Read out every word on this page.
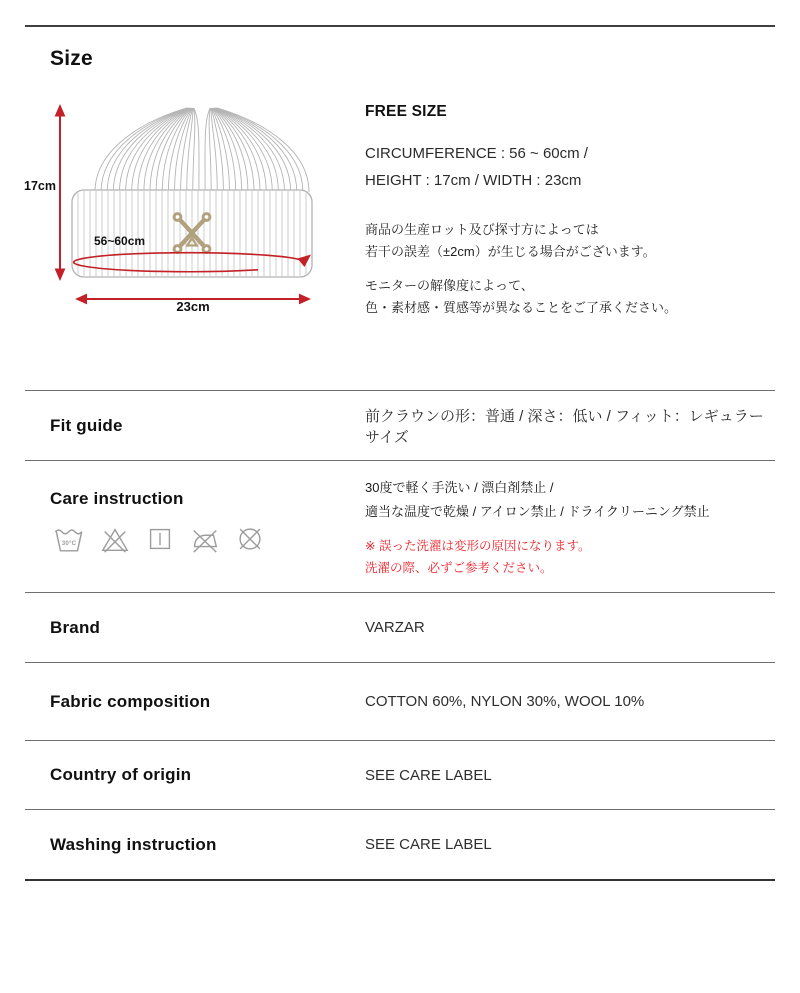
Size
17cm
56~60cm
23cm
FREE SIZE

CIRCUMFERENCE : 56 ~ 60cm /
HEIGHT : 17cm / WIDTH : 23cm

商品の生産ロット及び探寸方によっては
若干の誤差（±2cm）が生じる場合がございます。

モニターの解像度によって、
色・素材感・質感等が異なることをご了承ください。

Fit guide	前クラウンの形：普通 / 深さ：低い / フィット：レギュラーサイズ
Care instruction
30°C
30度で軽く手洗い / 漂白剤禁止 /
適当な温度で乾燥 / アイロン禁止 / ドライクリーニング禁止
※ 誤った洗濯は変形の原因になります。
洗濯の際、必ずご参考ください。
Brand	VARZAR
Fabric composition	COTTON 60%, NYLON 30%, WOOL 10%
Country of origin	SEE CARE LABEL
Washing instruction	SEE CARE LABEL
